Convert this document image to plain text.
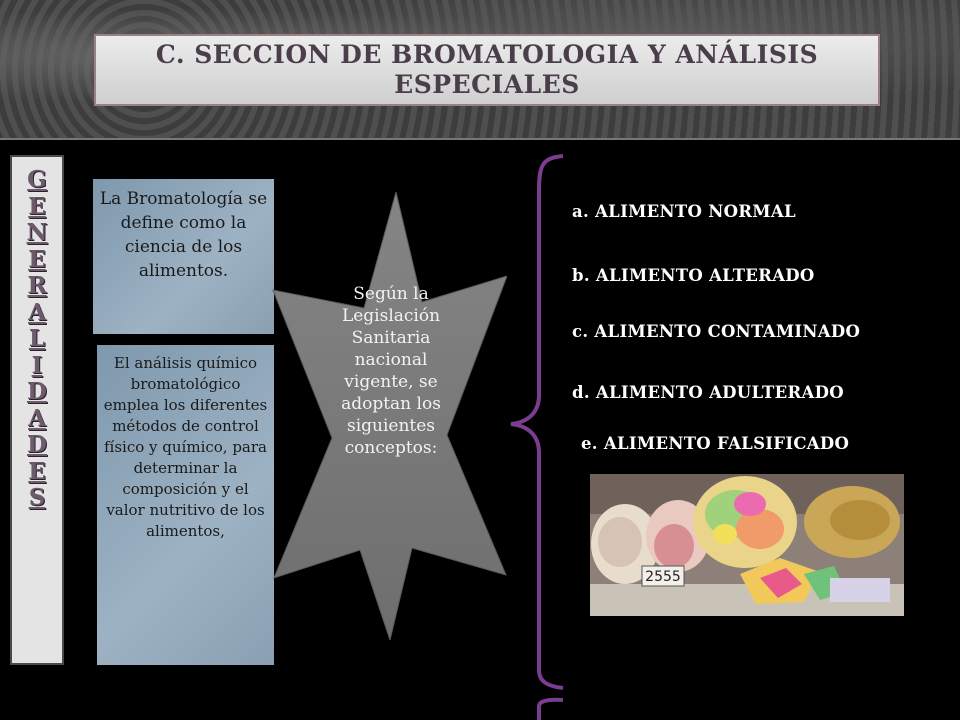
C. SECCION DE BROMATOLOGIA Y ANÁLISIS ESPECIALES
G
E
N
E
R
A
L
I
D
A
D
E
S
La Bromatología se define como la ciencia de los alimentos.
El análisis químico bromatológico emplea los diferentes métodos de control físico y químico, para determinar la composición y el valor nutritivo de los alimentos,
Según la Legislación Sanitaria nacional vigente, se adoptan los siguientes conceptos:
a. ALIMENTO NORMAL
b. ALIMENTO ALTERADO
c. ALIMENTO CONTAMINADO
d. ALIMENTO ADULTERADO
e. ALIMENTO FALSIFICADO
2555
